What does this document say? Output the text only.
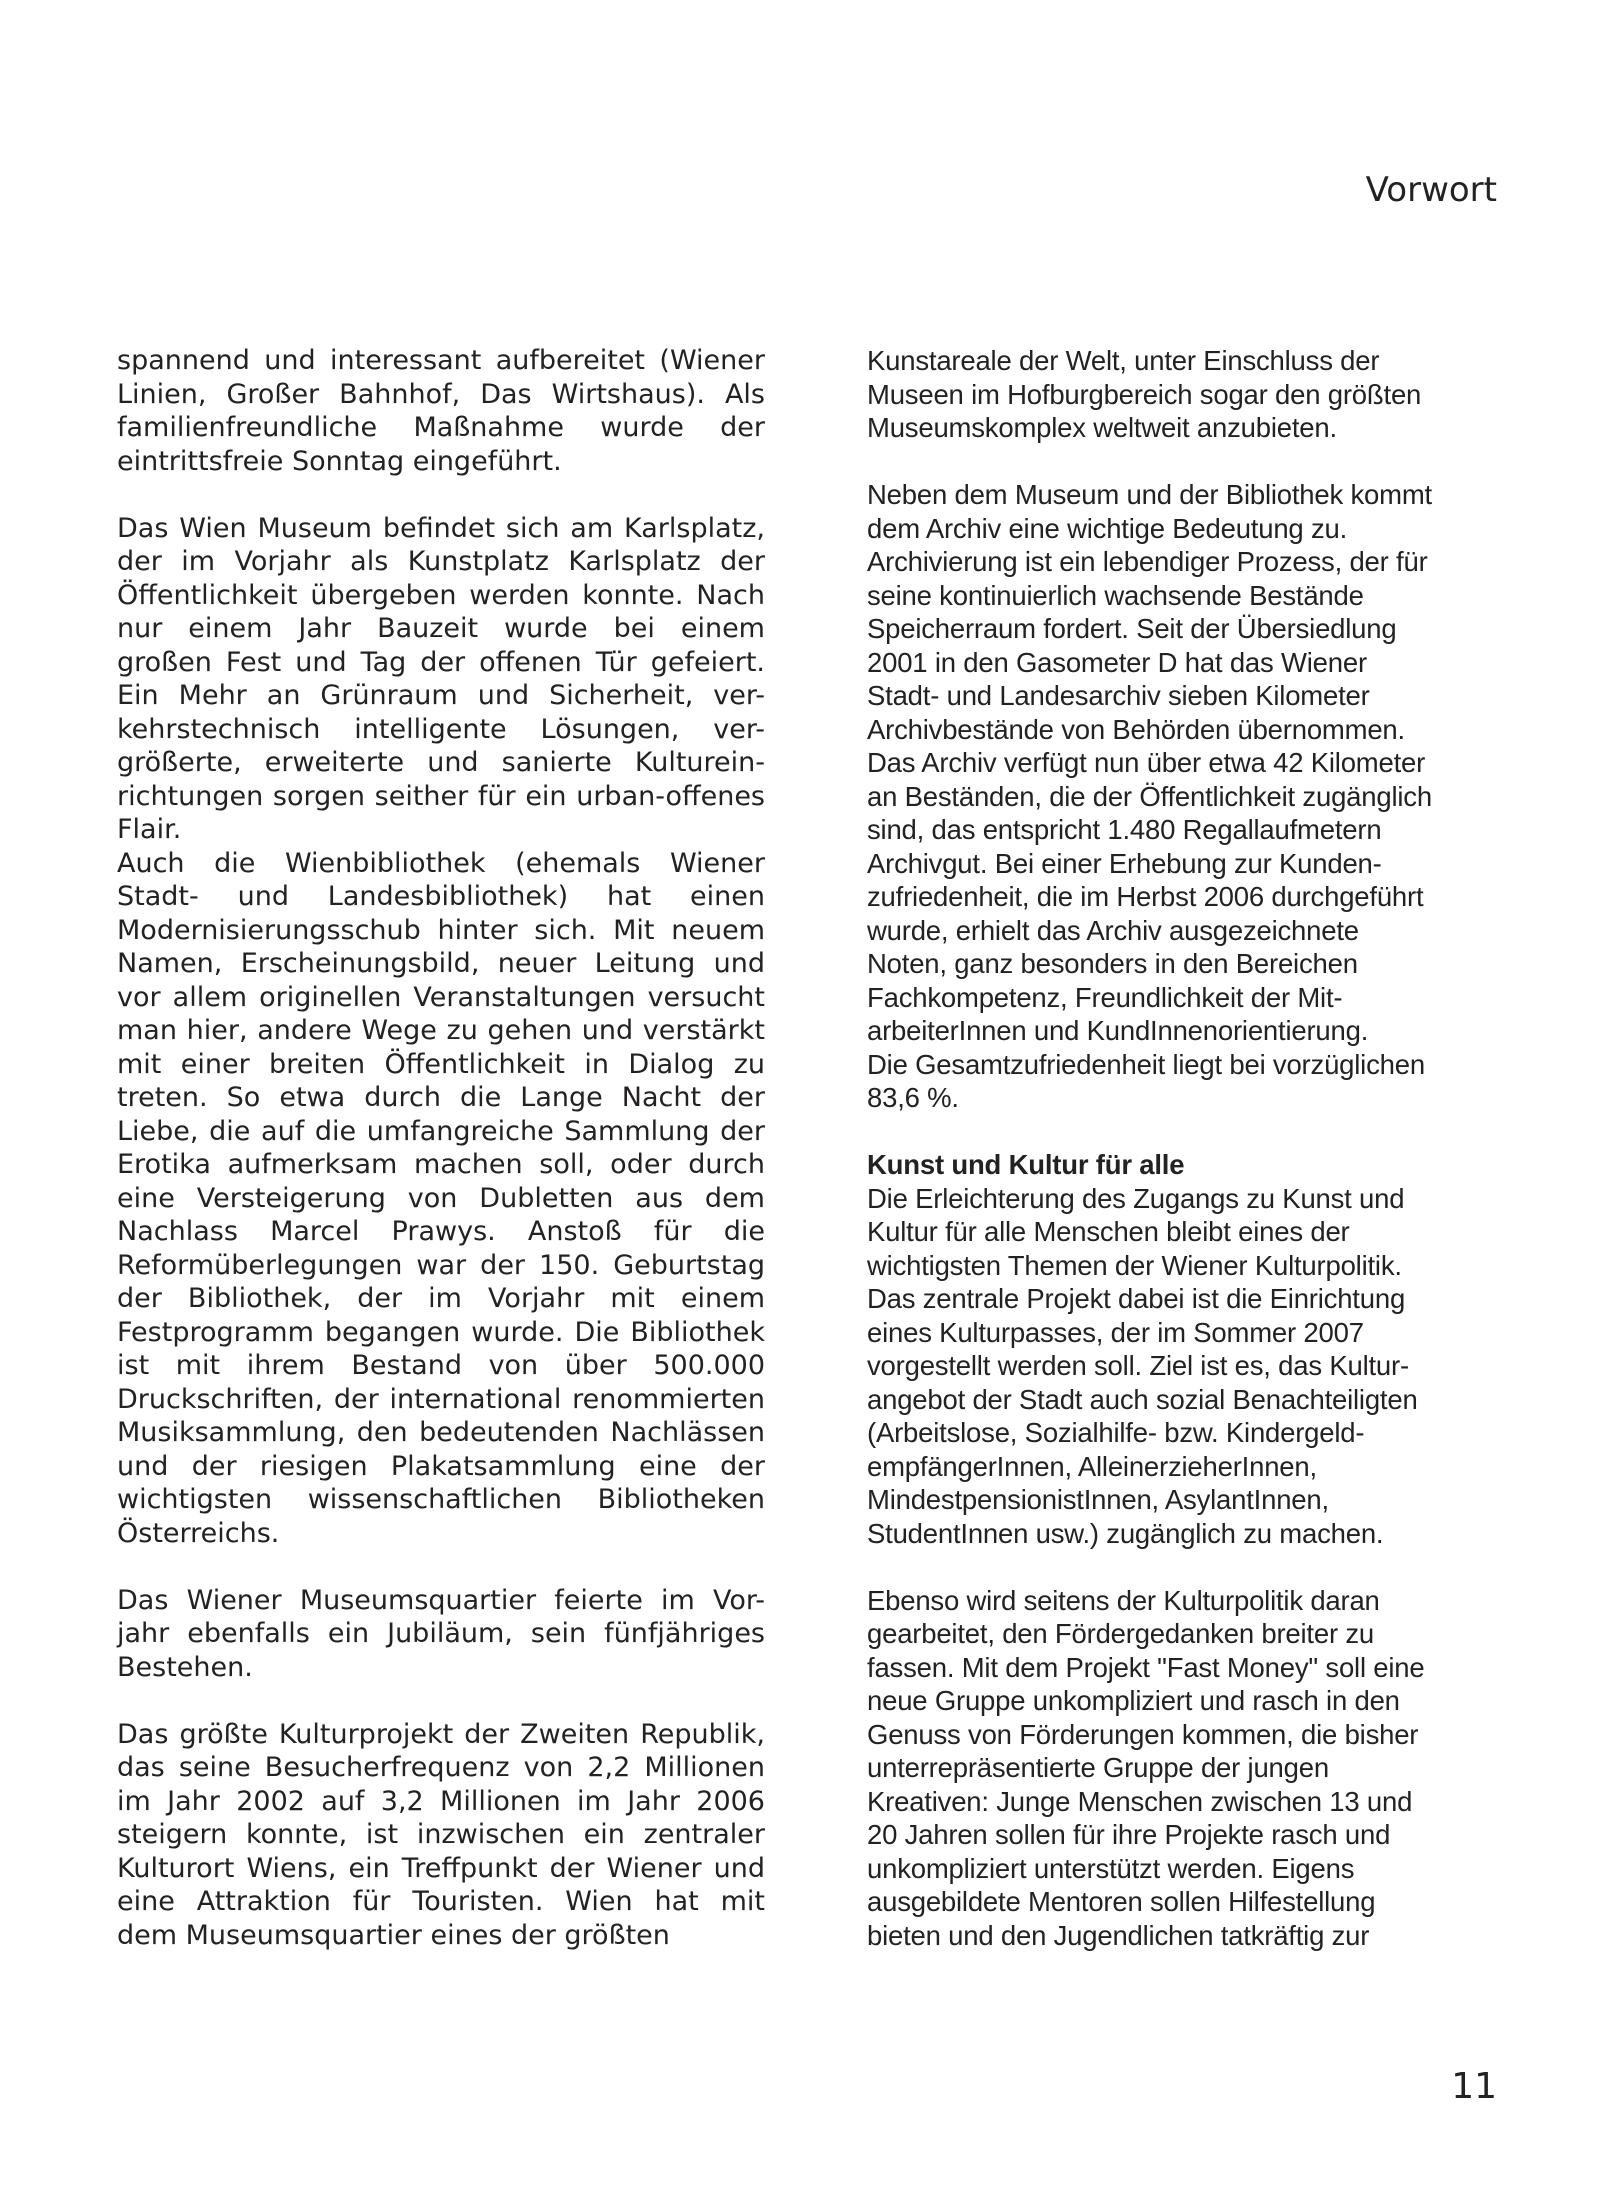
Vorwort
spannend und interessant aufbereitet (Wiener
Linien, Großer Bahnhof, Das Wirtshaus). Als
familienfreundliche Maßnahme wurde der
eintrittsfreie Sonntag eingeführt.

Das Wien Museum befindet sich am Karlsplatz,
der im Vorjahr als Kunstplatz Karlsplatz der
Öffentlichkeit übergeben werden konnte. Nach
nur einem Jahr Bauzeit wurde bei einem
großen Fest und Tag der offenen Tür gefeiert.
Ein Mehr an Grünraum und Sicherheit, ver-
kehrstechnisch intelligente Lösungen, ver-
größerte, erweiterte und sanierte Kulturein-
richtungen sorgen seither für ein urban-offenes
Flair.
Auch die Wienbibliothek (ehemals Wiener
Stadt- und Landesbibliothek) hat einen
Modernisierungsschub hinter sich. Mit neuem
Namen, Erscheinungsbild, neuer Leitung und
vor allem originellen Veranstaltungen versucht
man hier, andere Wege zu gehen und verstärkt
mit einer breiten Öffentlichkeit in Dialog zu
treten. So etwa durch die Lange Nacht der
Liebe, die auf die umfangreiche Sammlung der
Erotika aufmerksam machen soll, oder durch
eine Versteigerung von Dubletten aus dem
Nachlass Marcel Prawys. Anstoß für die
Reformüberlegungen war der 150. Geburtstag
der Bibliothek, der im Vorjahr mit einem
Festprogramm begangen wurde. Die Bibliothek
ist mit ihrem Bestand von über 500.000
Druckschriften, der international renommierten
Musiksammlung, den bedeutenden Nachlässen
und der riesigen Plakatsammlung eine der
wichtigsten wissenschaftlichen Bibliotheken
Österreichs.

Das Wiener Museumsquartier feierte im Vor-
jahr ebenfalls ein Jubiläum, sein fünfjähriges
Bestehen.

Das größte Kulturprojekt der Zweiten Republik,
das seine Besucherfrequenz von 2,2 Millionen
im Jahr 2002 auf 3,2 Millionen im Jahr 2006
steigern konnte, ist inzwischen ein zentraler
Kulturort Wiens, ein Treffpunkt der Wiener und
eine Attraktion für Touristen. Wien hat mit
dem Museumsquartier eines der größten
Kunstareale der Welt, unter Einschluss der
Museen im Hofburgbereich sogar den größten
Museumskomplex weltweit anzubieten.

Neben dem Museum und der Bibliothek kommt
dem Archiv eine wichtige Bedeutung zu.
Archivierung ist ein lebendiger Prozess, der für
seine kontinuierlich wachsende Bestände
Speicherraum fordert. Seit der Übersiedlung
2001 in den Gasometer D hat das Wiener
Stadt- und Landesarchiv sieben Kilometer
Archivbestände von Behörden übernommen.
Das Archiv verfügt nun über etwa 42 Kilometer
an Beständen, die der Öffentlichkeit zugänglich
sind, das entspricht 1.480 Regallaufmetern
Archivgut. Bei einer Erhebung zur Kunden-
zufriedenheit, die im Herbst 2006 durchgeführt
wurde, erhielt das Archiv ausgezeichnete
Noten, ganz besonders in den Bereichen
Fachkompetenz, Freundlichkeit der Mit-
arbeiterInnen und KundInnenorientierung.
Die Gesamtzufriedenheit liegt bei vorzüglichen
83,6 %.

Kunst und Kultur für alle
Die Erleichterung des Zugangs zu Kunst und
Kultur für alle Menschen bleibt eines der
wichtigsten Themen der Wiener Kulturpolitik.
Das zentrale Projekt dabei ist die Einrichtung
eines Kulturpasses, der im Sommer 2007
vorgestellt werden soll. Ziel ist es, das Kultur-
angebot der Stadt auch sozial Benachteiligten
(Arbeitslose, Sozialhilfe- bzw. Kindergeld-
empfängerInnen, AlleinerzieherInnen,
MindestpensionistInnen, AsylantInnen,
StudentInnen usw.) zugänglich zu machen.

Ebenso wird seitens der Kulturpolitik daran
gearbeitet, den Fördergedanken breiter zu
fassen. Mit dem Projekt "Fast Money" soll eine
neue Gruppe unkompliziert und rasch in den
Genuss von Förderungen kommen, die bisher
unterrepräsentierte Gruppe der jungen
Kreativen: Junge Menschen zwischen 13 und
20 Jahren sollen für ihre Projekte rasch und
unkompliziert unterstützt werden. Eigens
ausgebildete Mentoren sollen Hilfestellung
bieten und den Jugendlichen tatkräftig zur
11
